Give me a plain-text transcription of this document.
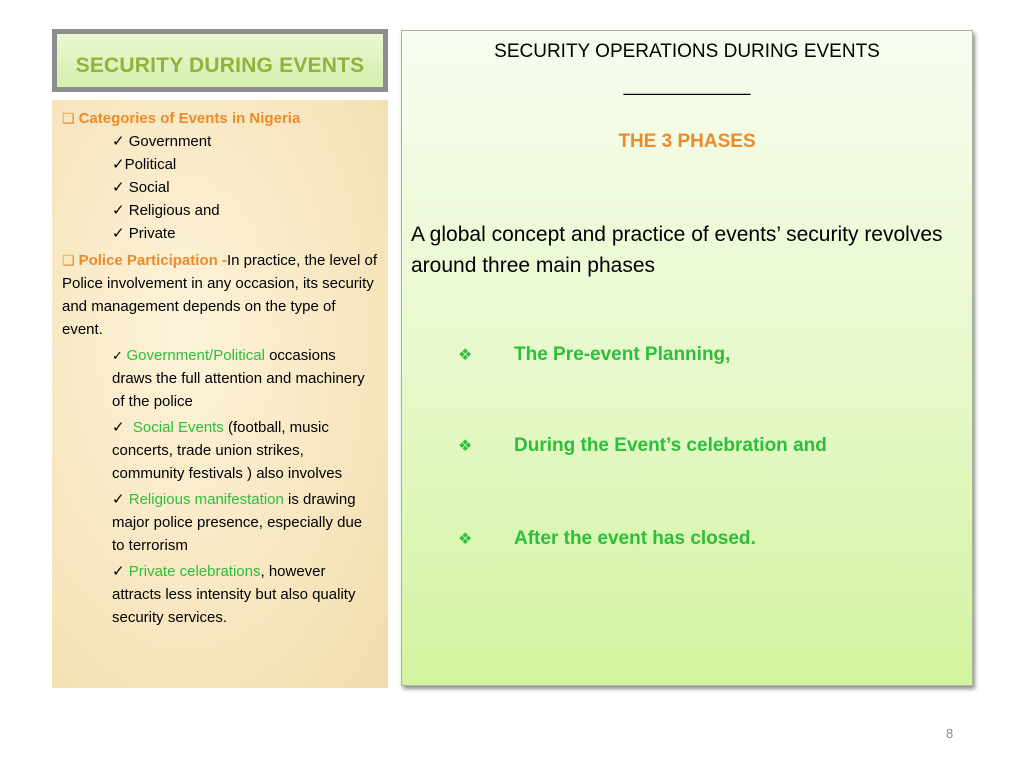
SECURITY DURING EVENTS

❑ Categories of Events in Nigeria

✓ Government

✓Political

✓ Social

✓ Religious and

✓ Private

❑ Police Participation -In practice, the level of Police involvement in any occasion, its security and management depends on the type of event.

✓ Government/Political occasions draws the full attention and machinery of the police

✓  Social Events (football, music concerts, trade union strikes, community festivals ) also involves

✓ Religious manifestation is drawing major police presence, especially due to terrorism

✓ Private celebrations, however attracts less intensity but also quality security services.

SECURITY OPERATIONS DURING EVENTS
____________
THE 3 PHASES
A global concept and practice of events’ security revolves around three main phases
❖	The Pre-event Planning,
❖	During the Event’s celebration and
❖	After the event has closed.
8
